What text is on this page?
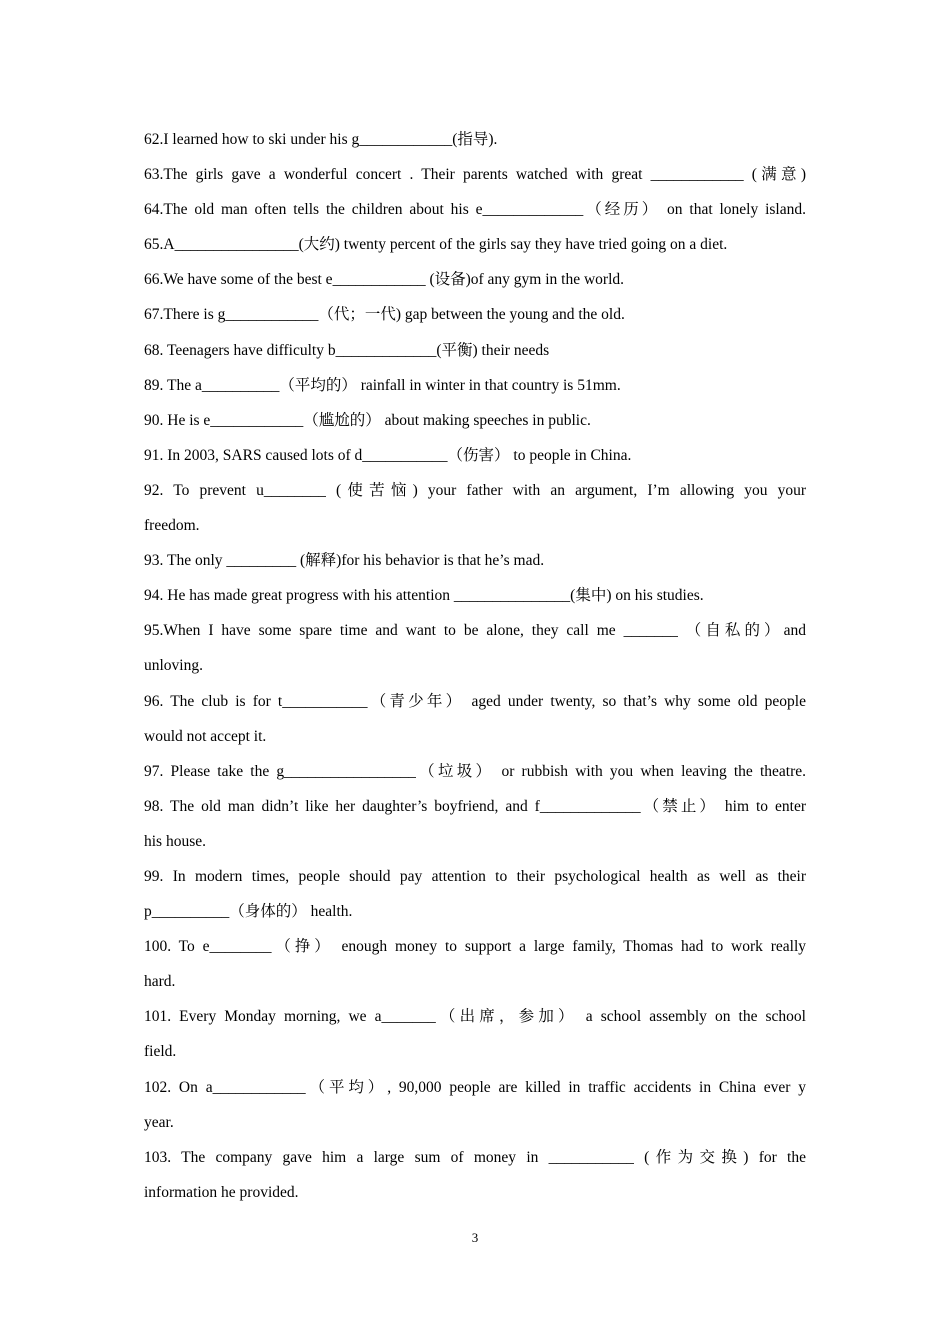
62.I learned how to ski under his g____________(指导).
63.The girls gave a wonderful concert . Their parents watched with great ____________ (满意)
64.The old man often tells the children about his e_____________（经历） on that lonely island.
65.A________________(大约) twenty percent of the girls say they have tried going on a diet.
66.We have some of the best e____________ (设备)of any gym in the world.
67.There is g____________（代；一代) gap between the young and the old.
68. Teenagers have difficulty b_____________(平衡) their needs
89. The a__________（平均的） rainfall in winter in that country is 51mm.
90. He is e____________（尴尬的） about making speeches in public.
91. In 2003, SARS caused lots of d___________（伤害） to people in China.
92. To prevent u________ (使苦恼) your father with an argument, I’m allowing you your
freedom.
93. The only _________ (解释)for his behavior is that he’s mad.
94. He has made great progress with his attention _______________(集中) on his studies.
95.When I have some spare time and want to be alone, they call me _______ （自私的）and
unloving.
96. The club is for t___________（青少年） aged under twenty, so that’s why some old people
would not accept it.
97. Please take the g_________________（垃圾） or rubbish with you when leaving the theatre.
98. The old man didn’t like her daughter’s boyfriend, and f_____________（禁止） him to enter
his house.
99. In modern times, people should pay attention to their psychological health as well as their
p__________（身体的） health.
100. To e________（挣） enough money to support a large family, Thomas had to work really
hard.
101. Every Monday morning, we a_______（出席，参加） a school assembly on the school
field.
102. On a____________（平均）, 90,000 people are killed in traffic accidents in China ever y
year.
103. The company gave him a large sum of money in ___________ (作为交换) for the
information he provided.
3
